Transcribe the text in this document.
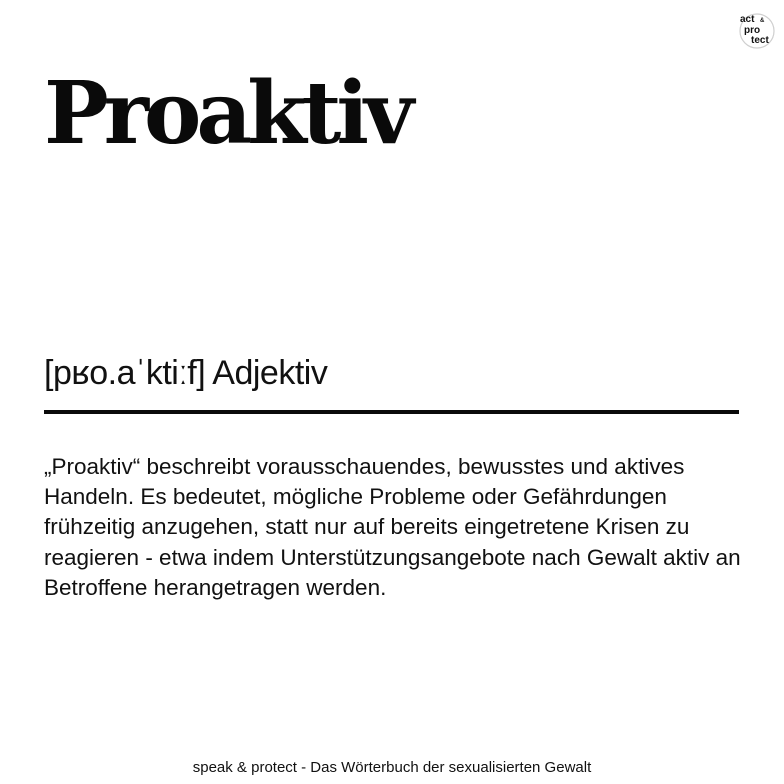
act &
pro
tect
Proaktiv
[pʁo.aˈktiːf] Adjektiv

„Proaktiv“ beschreibt vorausschauendes, bewusstes und aktives Handeln. Es bedeutet, mögliche Probleme oder Gefährdungen frühzeitig anzugehen, statt nur auf bereits eingetretene Krisen zu reagieren - etwa indem Unterstützungsangebote nach Gewalt aktiv an Betroffene herangetragen werden.

speak & protect - Das Wörterbuch der sexualisierten Gewalt
